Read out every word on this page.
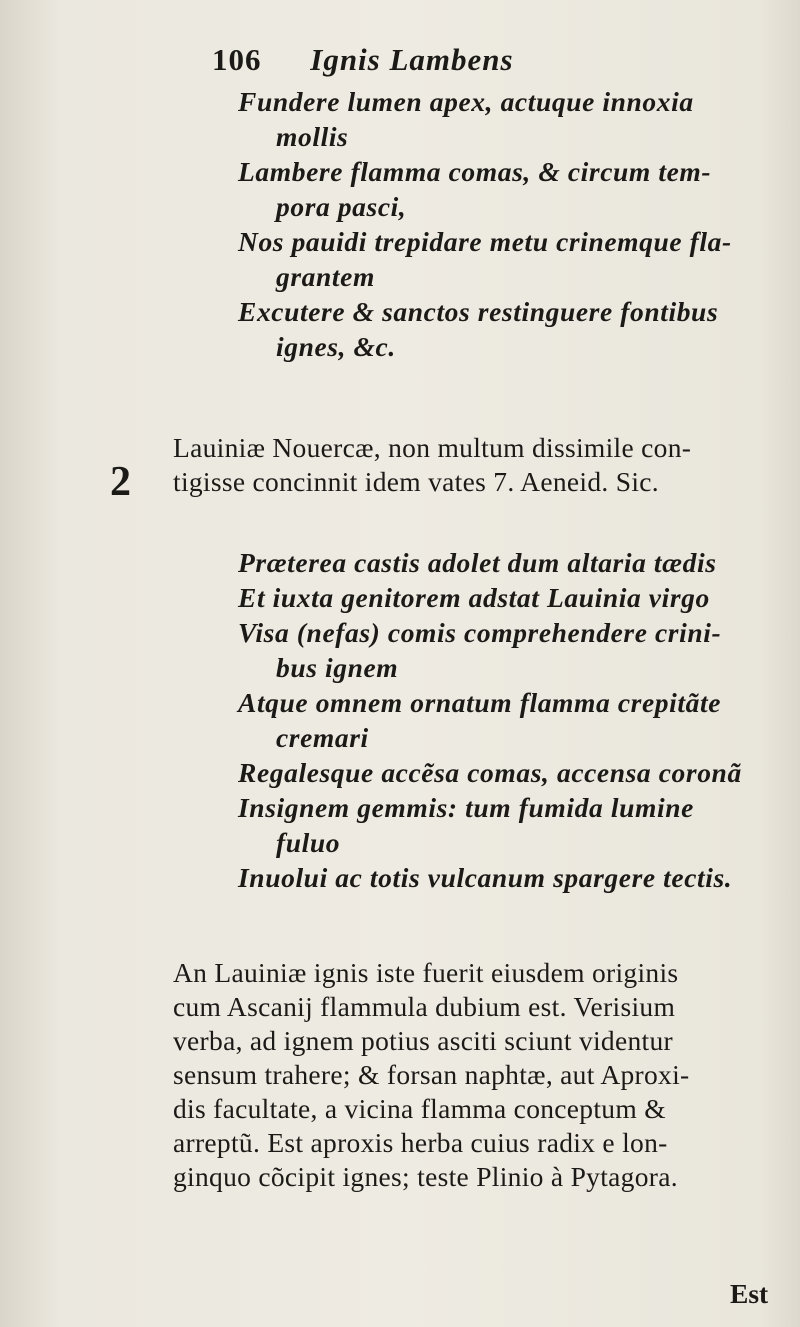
106 Ignis Lambens
Fundere lumen apex, actuque innoxia
mollis
Lambere flamma comas, & circum tem-
pora pasci,
Nos pauidi trepidare metu crinemque fla-
grantem
Excutere & sanctos restinguere fontibus
ignes, &c.
2
Lauiniæ Nouercæ, non multum dissimile con-
tigisse concinnit idem vates 7. Aeneid. Sic.
Præterea castis adolet dum altaria tædis
Et iuxta genitorem adstat Lauinia virgo
Visa (nefas) comis comprehendere crini-
bus ignem
Atque omnem ornatum flamma crepitãte
cremari
Regalesque accẽsa comas, accensa coronã
Insignem gemmis: tum fumida lumine
fuluo
Inuolui ac totis vulcanum spargere tectis.
An Lauiniæ ignis iste fuerit eiusdem originis
cum Ascanij flammula dubium est. Verisium
verba, ad ignem potius asciti sciunt videntur
sensum trahere; & forsan naphtæ, aut Aproxi-
dis facultate, a vicina flamma conceptum &
arreptũ. Est aproxis herba cuius radix e lon-
ginquo cõcipit ignes; teste Plinio à Pytagora.
Est
